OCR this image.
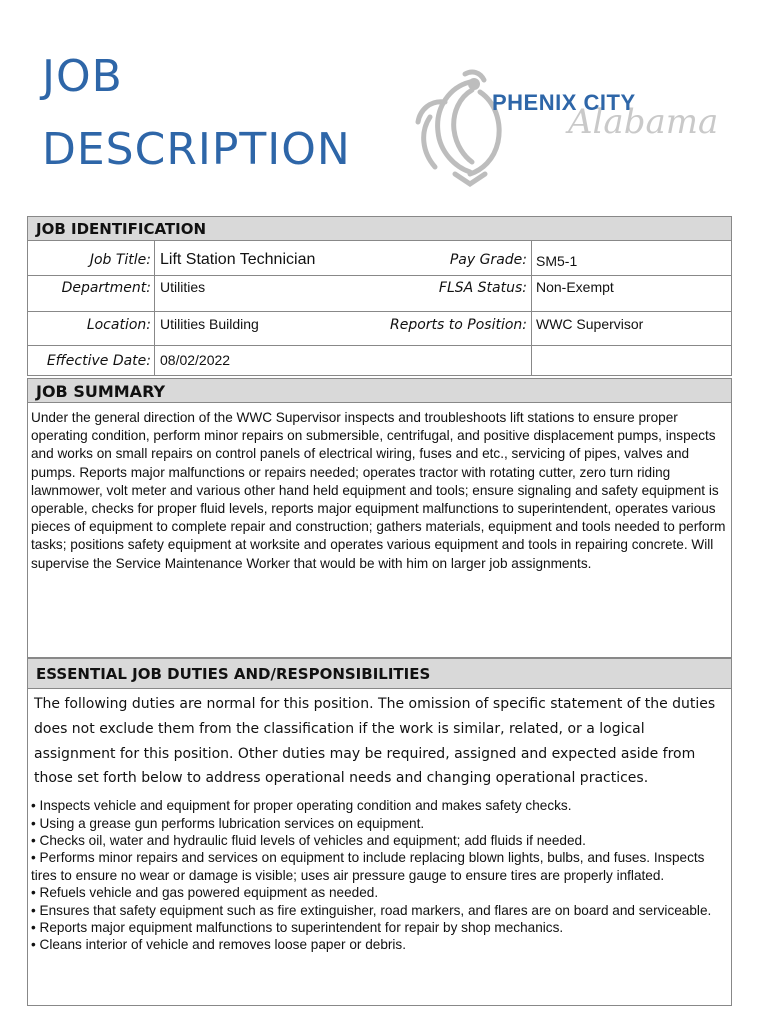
JOB
DESCRIPTION
Alabama
PHENIX CITY
JOB IDENTIFICATION
Job Title: Lift Station Technician	Pay Grade: SM5-1
Department: Utilities	FLSA Status: Non-Exempt
Location: Utilities Building	Reports to Position: WWC Supervisor
Effective Date: 08/02/2022
JOB SUMMARY
Under the general direction of the WWC Supervisor inspects and troubleshoots lift stations to ensure proper operating condition, perform minor repairs on submersible, centrifugal, and positive displacement pumps, inspects and works on small repairs on control panels of electrical wiring, fuses and etc., servicing of pipes, valves and pumps. Reports major malfunctions or repairs needed; operates tractor with rotating cutter, zero turn riding lawnmower, volt meter and various other hand held equipment and tools; ensure signaling and safety equipment is operable, checks for proper fluid levels, reports major equipment malfunctions to superintendent, operates various pieces of equipment to complete repair and construction; gathers materials, equipment and tools needed to perform tasks; positions safety equipment at worksite and operates various equipment and tools in repairing concrete. Will supervise the Service Maintenance Worker that would be with him on larger job assignments.
ESSENTIAL JOB DUTIES AND/RESPONSIBILITIES
The following duties are normal for this position. The omission of specific statement of the duties does not exclude them from the classification if the work is similar, related, or a logical assignment for this position. Other duties may be required, assigned and expected aside from those set forth below to address operational needs and changing operational practices.
• Inspects vehicle and equipment for proper operating condition and makes safety checks.
• Using a grease gun performs lubrication services on equipment.
• Checks oil, water and hydraulic fluid levels of vehicles and equipment; add fluids if needed.
• Performs minor repairs and services on equipment to include replacing blown lights, bulbs, and fuses. Inspects tires to ensure no wear or damage is visible; uses air pressure gauge to ensure tires are properly inflated.
• Refuels vehicle and gas powered equipment as needed.
• Ensures that safety equipment such as fire extinguisher, road markers, and flares are on board and serviceable.
• Reports major equipment malfunctions to superintendent for repair by shop mechanics.
• Cleans interior of vehicle and removes loose paper or debris.
